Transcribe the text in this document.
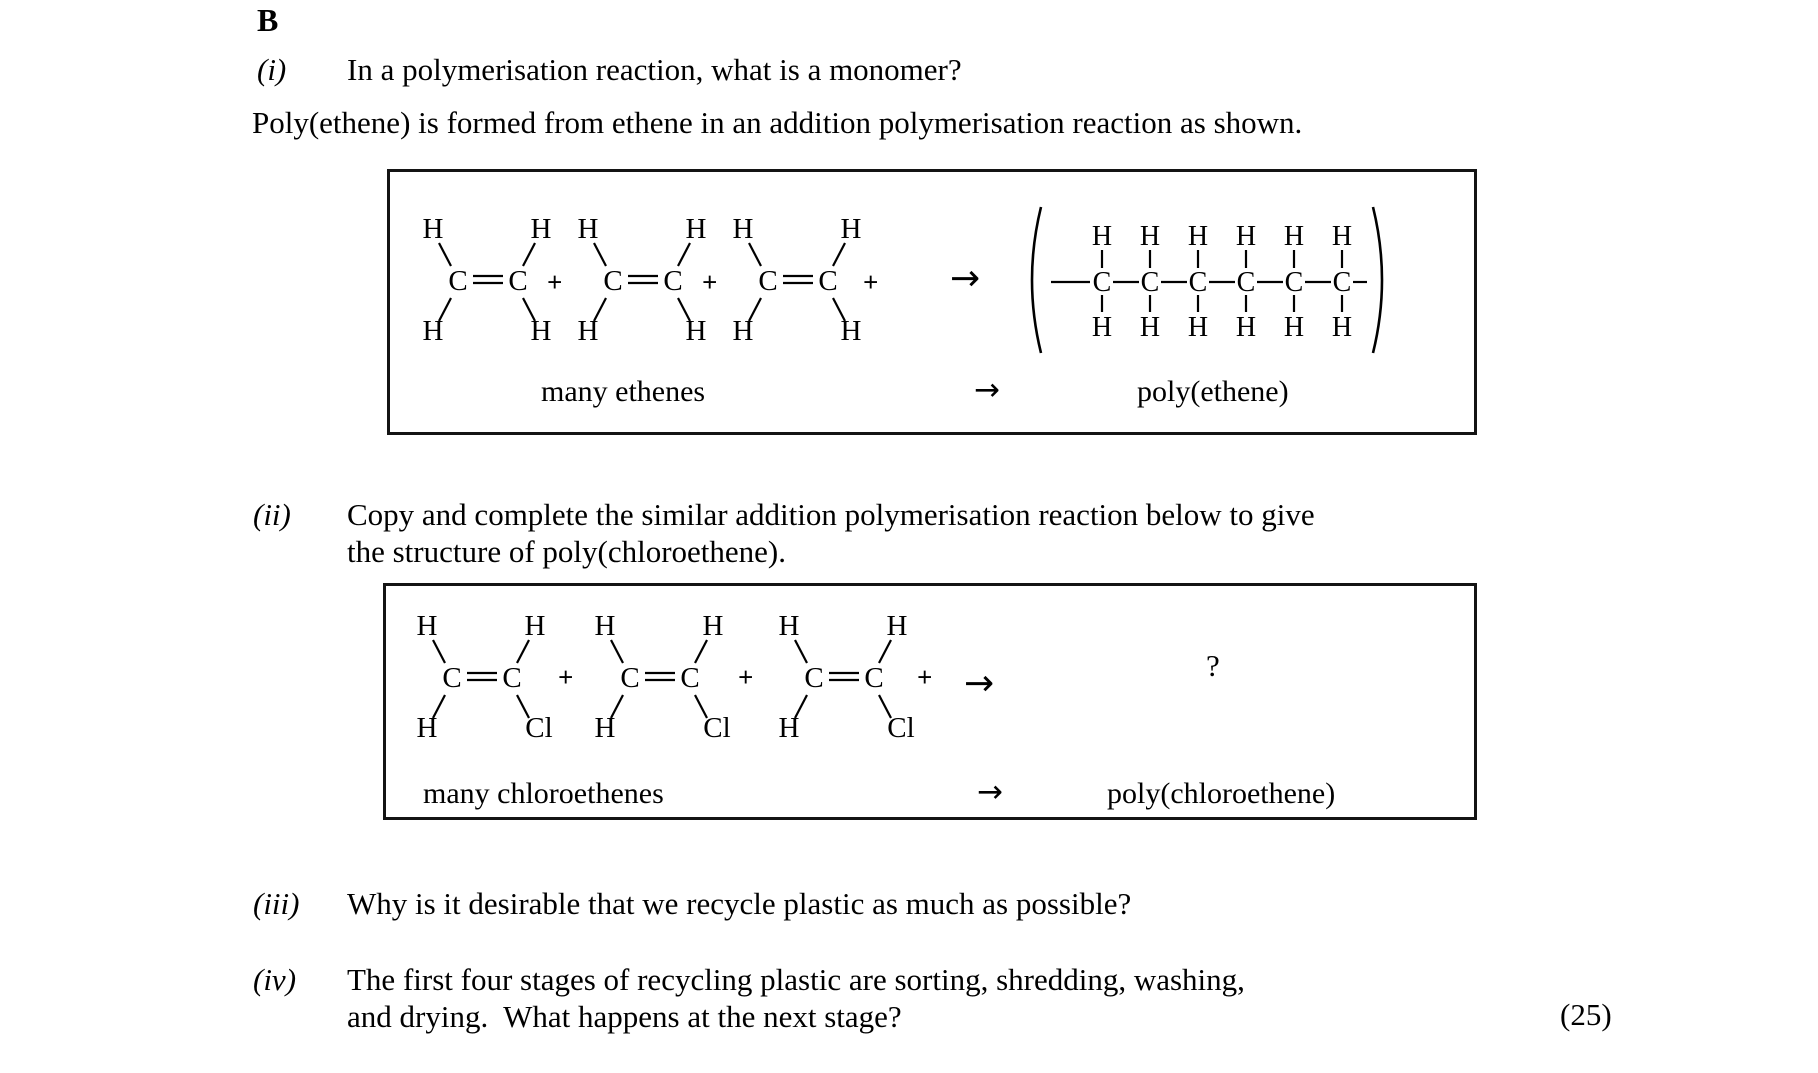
B
(i) In a polymerisation reaction, what is a monomer?
Poly(ethene) is formed from ethene in an addition polymerisation reaction as shown.
H	H
C C
H	H
+
H	H
C C
H	H
+
H	H
C C
H	H
+ →	C C C C C C
H H H H H H
H H H H H H
many ethenes	→	poly(ethene)
(ii) Copy and complete the similar addition polymerisation reaction below to give
the structure of poly(chloroethene).
H	H
C C
H	Cl
+
H	H
C C
H	Cl
+
H	H
C C
H	Cl
+ →	?
many chloroethenes	→	poly(chloroethene)
(iii) Why is it desirable that we recycle plastic as much as possible?
(iv) The first four stages of recycling plastic are sorting, shredding, washing,
and drying.  What happens at the next stage?	(25)
